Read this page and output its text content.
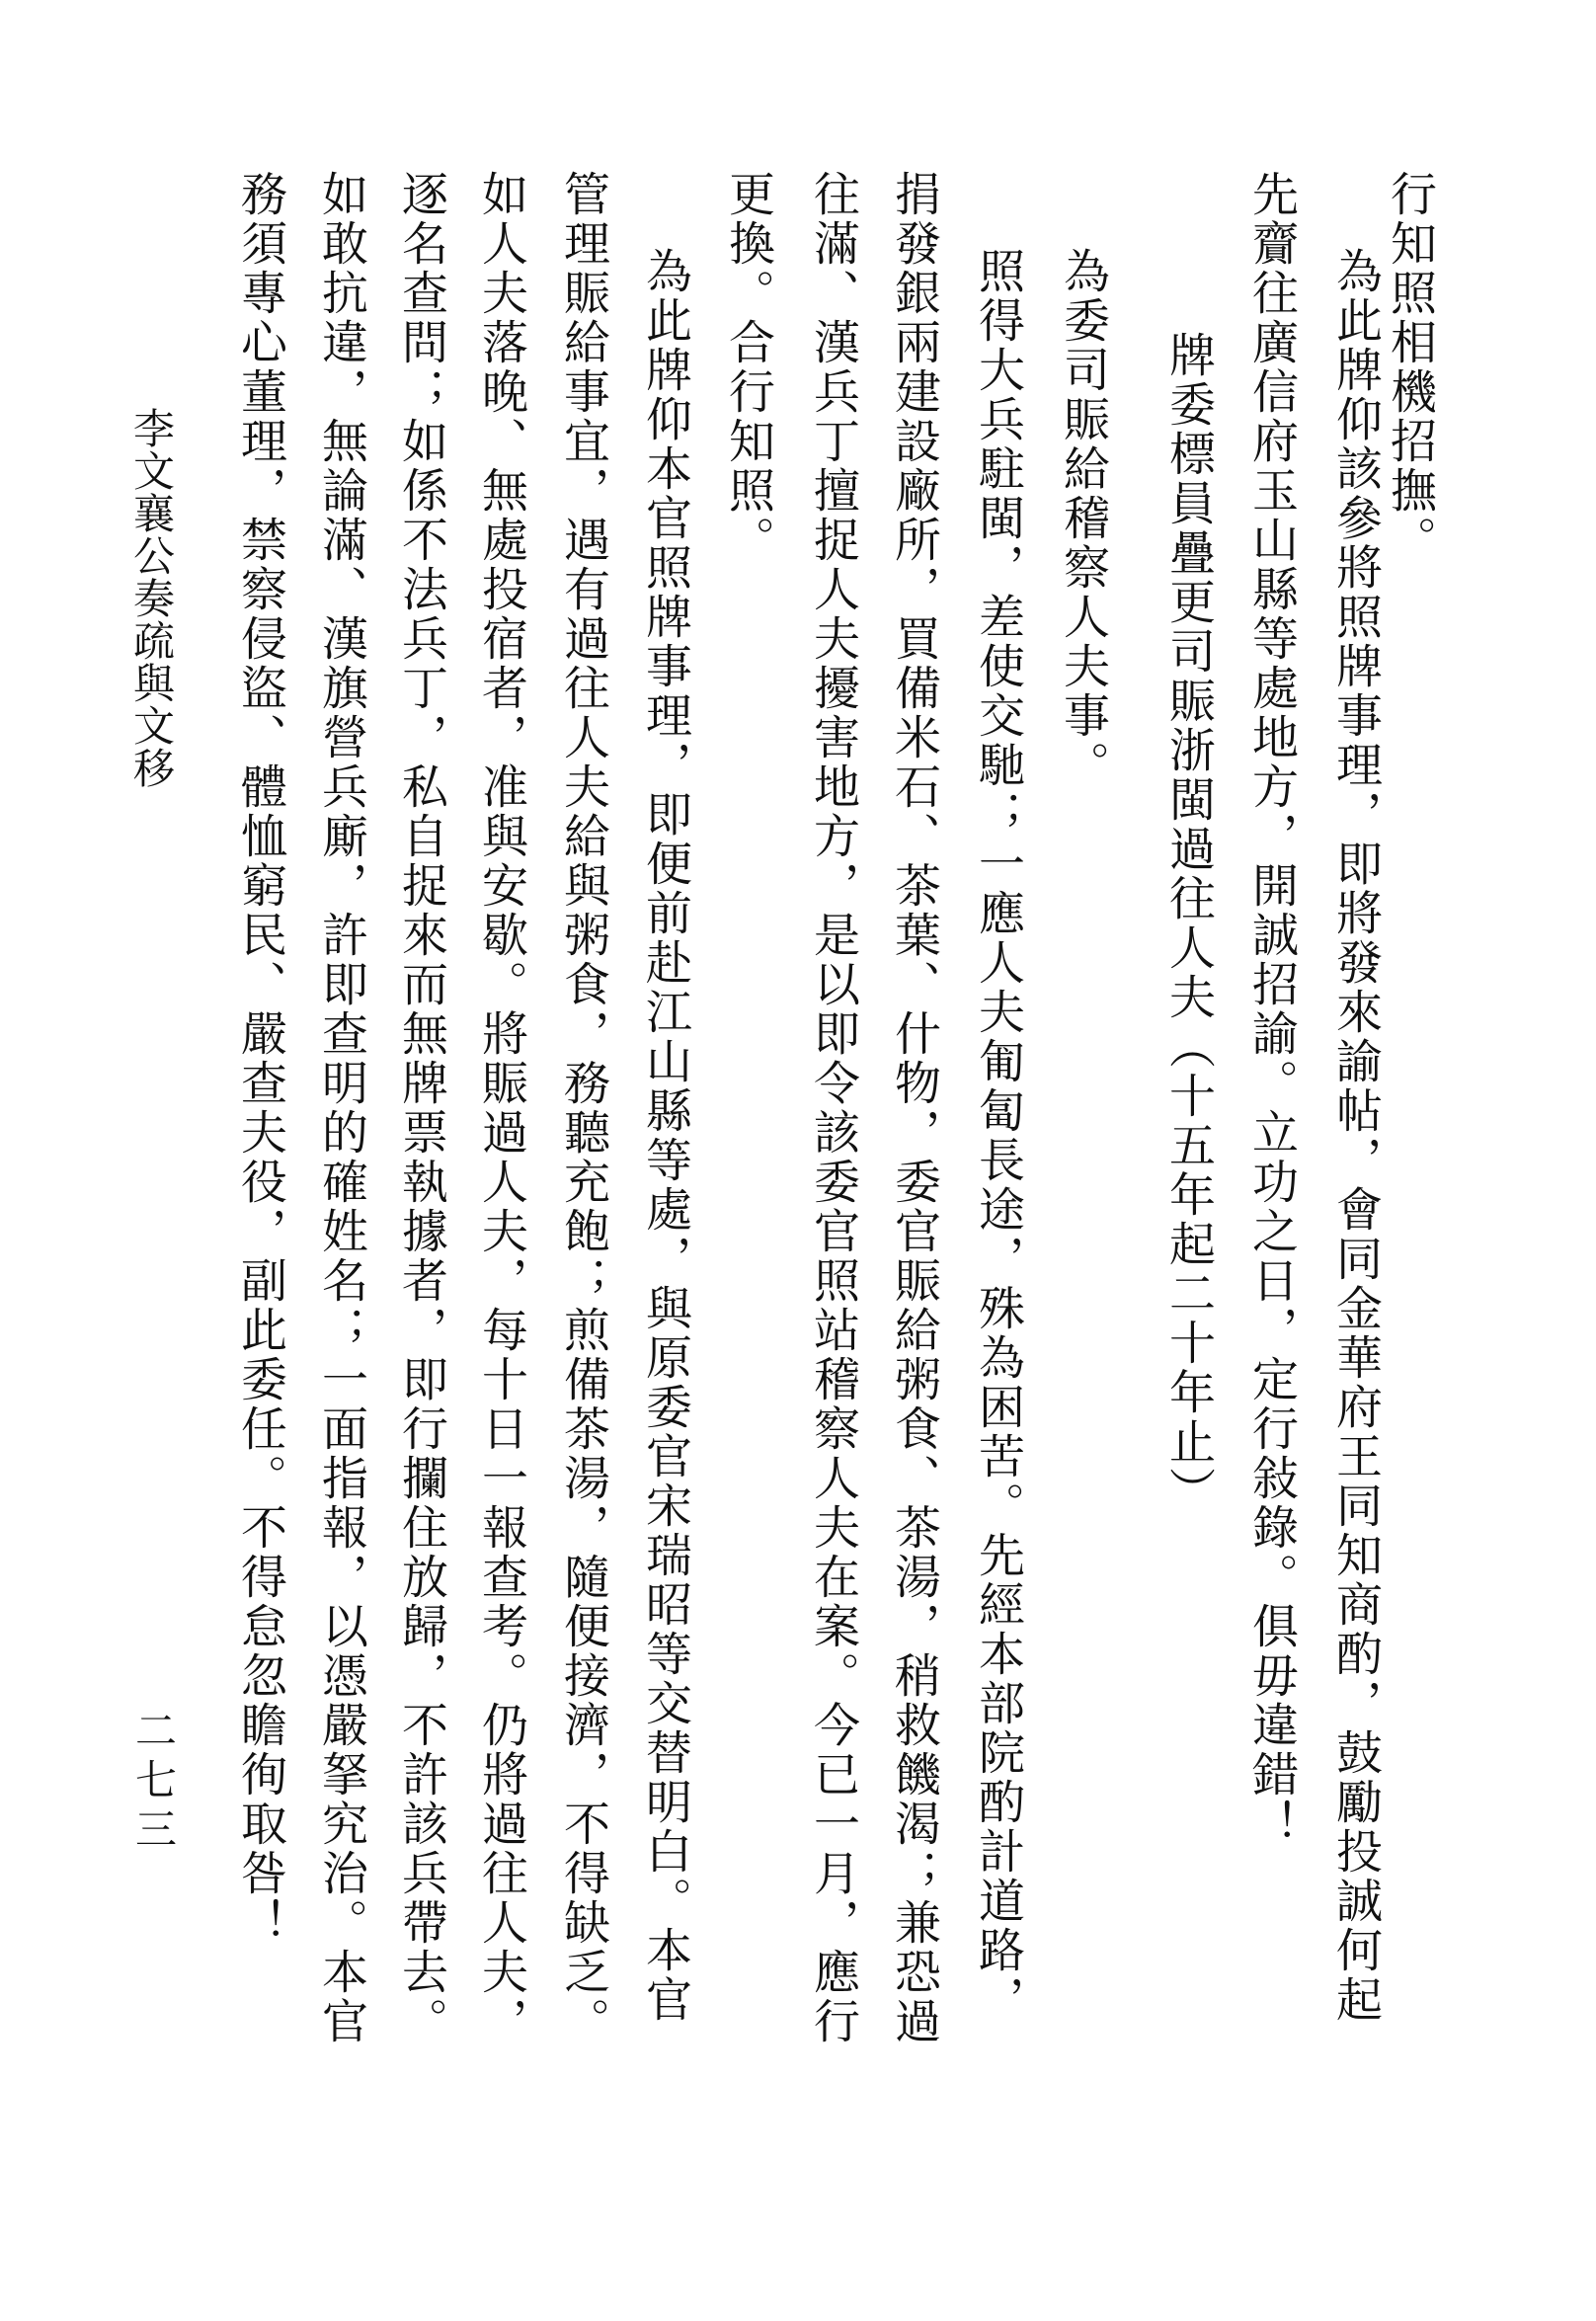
行知照相機招撫。
為此牌仰該參將照牌事理，即將發來諭帖，會同金華府王同知商酌，鼓勵投誠何起
先齎往廣信府玉山縣等處地方，開誠招諭。立功之日，定行敍錄。俱毋違錯！
牌委標員疊更司賑浙閩過往人夫（十五年起二十年止）
為委司賑給稽察人夫事。
照得大兵駐閩，差使交馳；一應人夫匍匐長途，殊為困苦。先經本部院酌計道路，
捐發銀兩建設廠所，買備米石、茶葉、什物，委官賑給粥食、茶湯，稍救饑渴；兼恐過
往滿、漢兵丁擅捉人夫擾害地方，是以即令該委官照站稽察人夫在案。今已一月，應行
更換。合行知照。
為此牌仰本官照牌事理，即便前赴江山縣等處，與原委官宋瑞昭等交替明白。本官
管理賑給事宜，遇有過往人夫給與粥食，務聽充飽；煎備茶湯，隨便接濟，不得缺乏。
如人夫落晚、無處投宿者，准與安歇。將賑過人夫，每十日一報查考。仍將過往人夫，
逐名查問；如係不法兵丁，私自捉來而無牌票執據者，即行攔住放歸，不許該兵帶去。
如敢抗違，無論滿、漢旗營兵廝，許即查明的確姓名；一面指報，以憑嚴拏究治。本官
務須專心董理，禁察侵盜、體恤窮民、嚴查夫役，副此委任。不得怠忽瞻徇取咎！
李文襄公奏疏與文移
二七三
